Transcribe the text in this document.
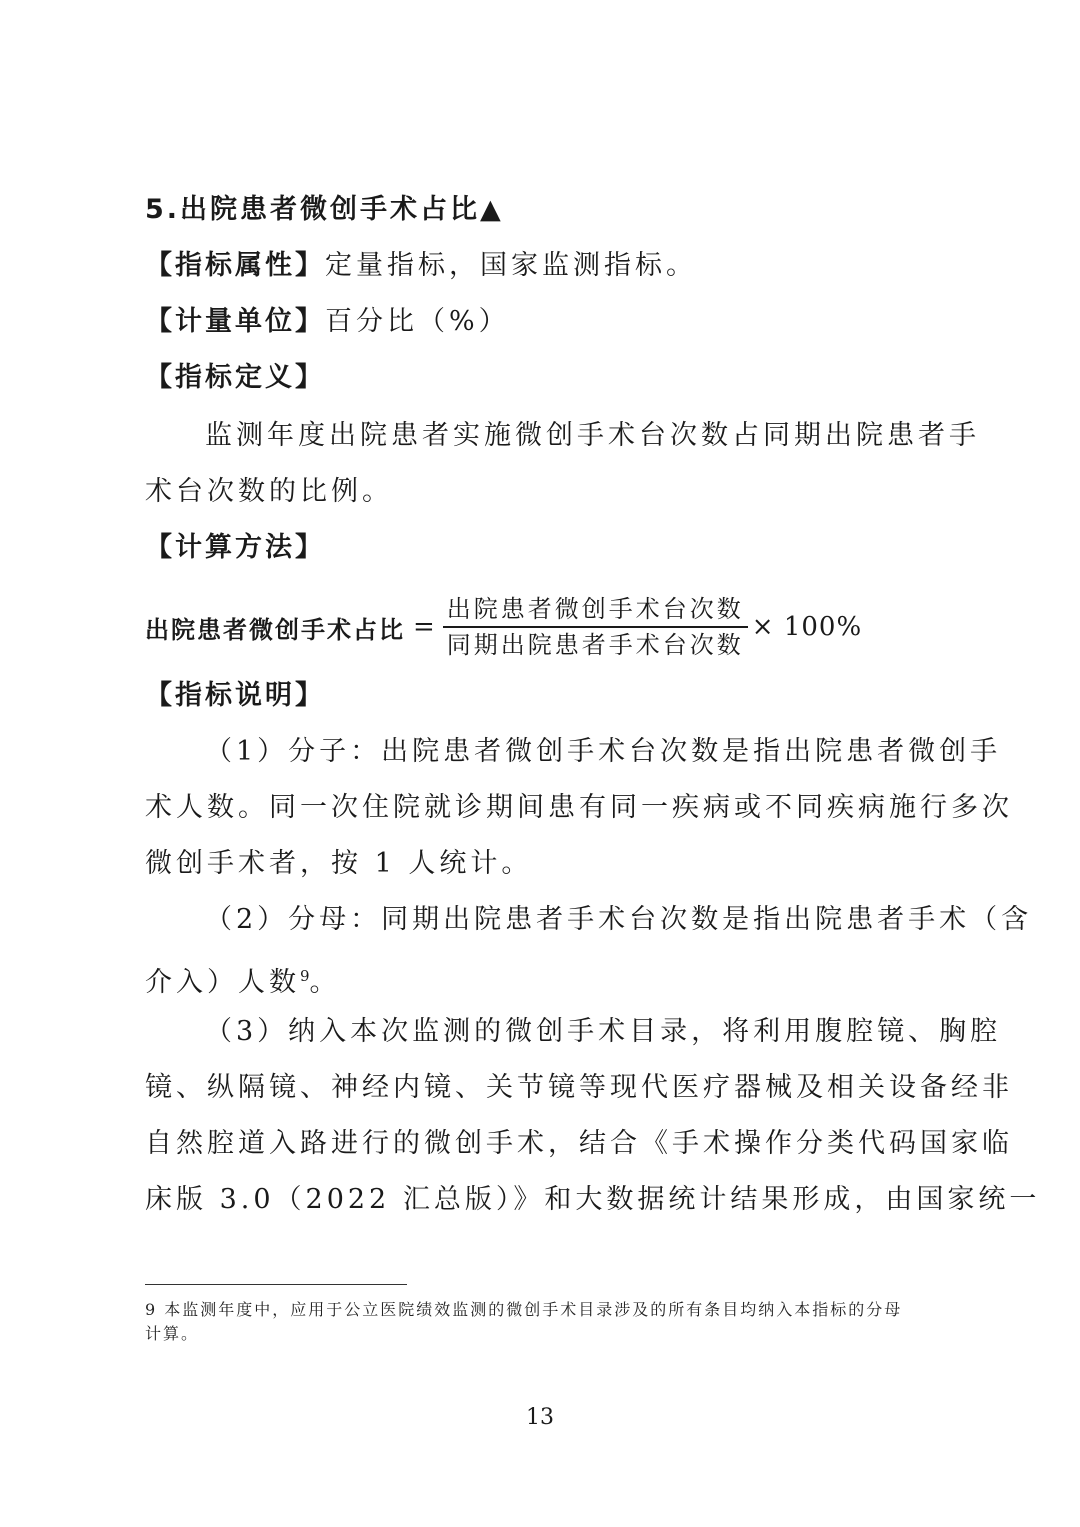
5.出院患者微创手术占比▲
【指标属性】定量指标，国家监测指标。
【计量单位】百分比（%）
【指标定义】
监测年度出院患者实施微创手术台次数占同期出院患者手
术台次数的比例。
【计算方法】
出院患者微创手术占比 = $\frac{\text{出院患者微创手术台次数}}{\text{同期出院患者手术台次数}} \times 100\%$
【指标说明】
（1）分子：出院患者微创手术台次数是指出院患者微创手
术人数。同一次住院就诊期间患有同一疾病或不同疾病施行多次
微创手术者，按 1 人统计。
（2）分母：同期出院患者手术台次数是指出院患者手术（含
介入）人数$^9$。
（3）纳入本次监测的微创手术目录，将利用腹腔镜、胸腔
镜、纵隔镜、神经内镜、关节镜等现代医疗器械及相关设备经非
自然腔道入路进行的微创手术，结合《手术操作分类代码国家临
床版 3.0（2022 汇总版）》和大数据统计结果形成，由国家统一
9 本监测年度中，应用于公立医院绩效监测的微创手术目录涉及的所有条目均纳入本指标的分母
计算。
13
